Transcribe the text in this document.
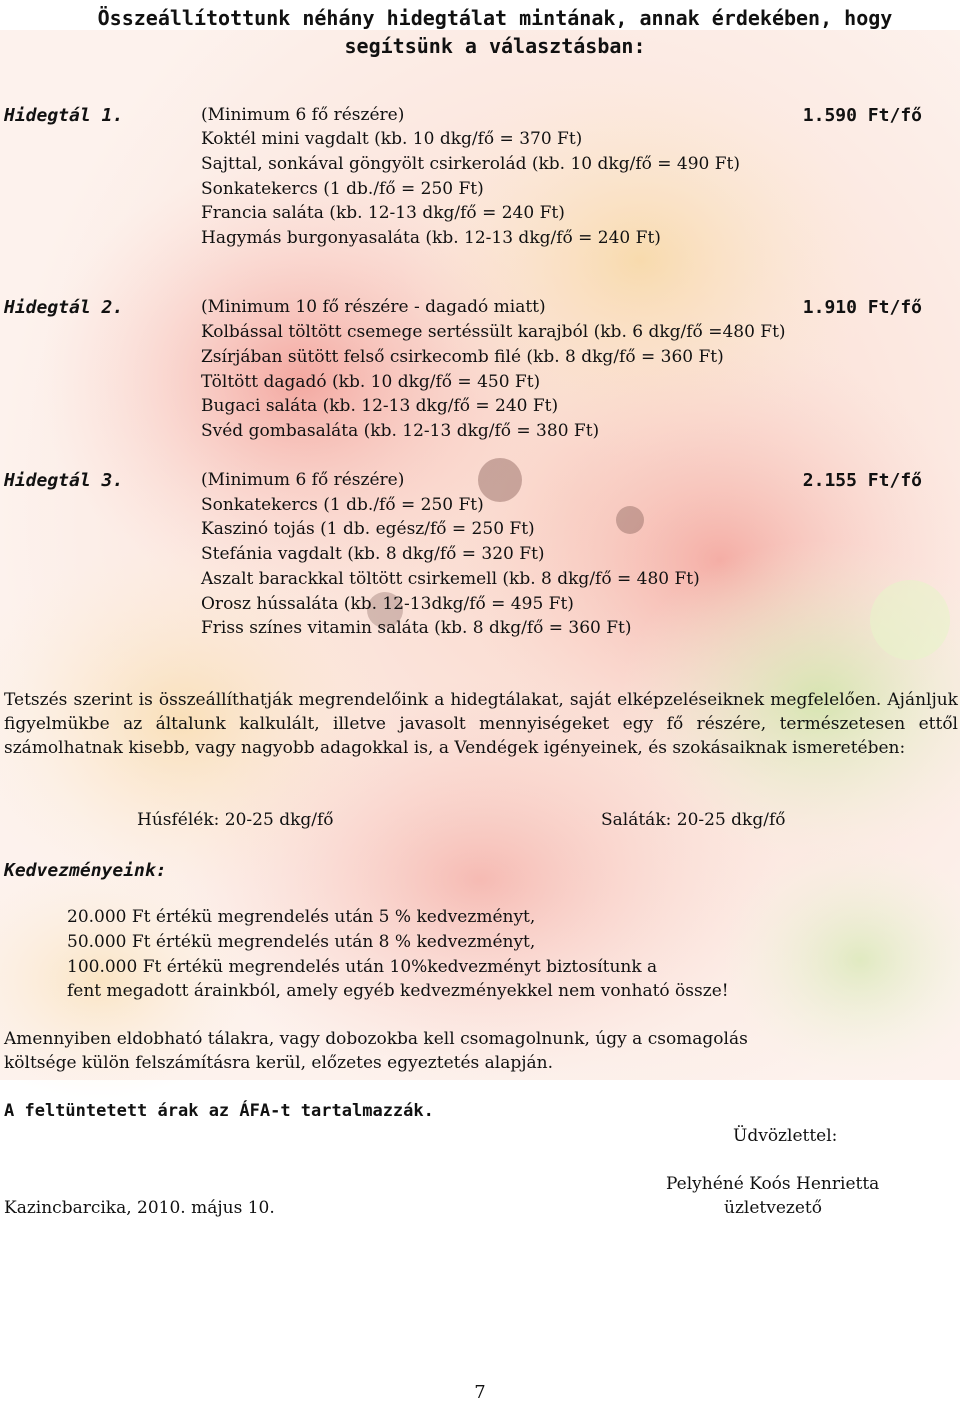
Összeállítottunk néhány hidegtálat mintának, annak érdekében, hogy
segítsünk a választásban:
Hidegtál 1.	(Minimum 6 fő részére)	1.590 Ft/fő
Koktél mini vagdalt (kb. 10 dkg/fő = 370 Ft)
Sajttal, sonkával göngyölt csirkerolád (kb. 10 dkg/fő = 490 Ft)
Sonkatekercs (1 db./fő = 250 Ft)
Francia saláta (kb. 12-13 dkg/fő = 240 Ft)
Hagymás burgonyasaláta (kb. 12-13 dkg/fő = 240 Ft)
Hidegtál 2.	(Minimum 10 fő részére - dagadó miatt)	1.910 Ft/fő
Kolbással töltött csemege sertéssült karajból (kb. 6 dkg/fő =480 Ft)
Zsírjában sütött felső csirkecomb filé (kb. 8 dkg/fő = 360 Ft)
Töltött dagadó (kb. 10 dkg/fő = 450 Ft)
Bugaci saláta (kb. 12-13 dkg/fő = 240 Ft)
Svéd gombasaláta (kb. 12-13 dkg/fő = 380 Ft)
Hidegtál 3.	(Minimum 6 fő részére)	2.155 Ft/fő
Sonkatekercs (1 db./fő = 250 Ft)
Kaszinó tojás (1 db. egész/fő = 250 Ft)
Stefánia vagdalt (kb. 8 dkg/fő = 320 Ft)
Aszalt barackkal töltött csirkemell (kb. 8 dkg/fő = 480 Ft)
Orosz hússaláta (kb. 12-13dkg/fő = 495 Ft)
Friss színes vitamin saláta (kb. 8 dkg/fő = 360 Ft)
Tetszés szerint is összeállíthatják megrendelőink a hidegtálakat, saját elképzeléseiknek megfelelően. Ajánljuk figyelmükbe az általunk kalkulált, illetve javasolt mennyiségeket egy fő részére, természetesen ettől számolhatnak kisebb, vagy nagyobb adagokkal is, a Vendégek igényeinek, és szokásaiknak ismeretében:
Húsfélék: 20-25 dkg/fő	Saláták: 20-25 dkg/fő
Kedvezményeink:
20.000 Ft értékü megrendelés után 5 % kedvezményt,
50.000 Ft értékü megrendelés után 8 % kedvezményt,
100.000 Ft értékü megrendelés után 10%kedvezményt biztosítunk a
fent megadott árainkból, amely egyéb kedvezményekkel nem vonható össze!
Amennyiben eldobható tálakra, vagy dobozokba kell csomagolnunk, úgy a csomagolás
költsége külön felszámításra kerül, előzetes egyeztetés alapján.
A feltüntetett árak az ÁFA-t tartalmazzák.
Üdvözlettel:
Pelyhéné Koós Henrietta
üzletvezető
Kazincbarcika, 2010. május 10.
7
